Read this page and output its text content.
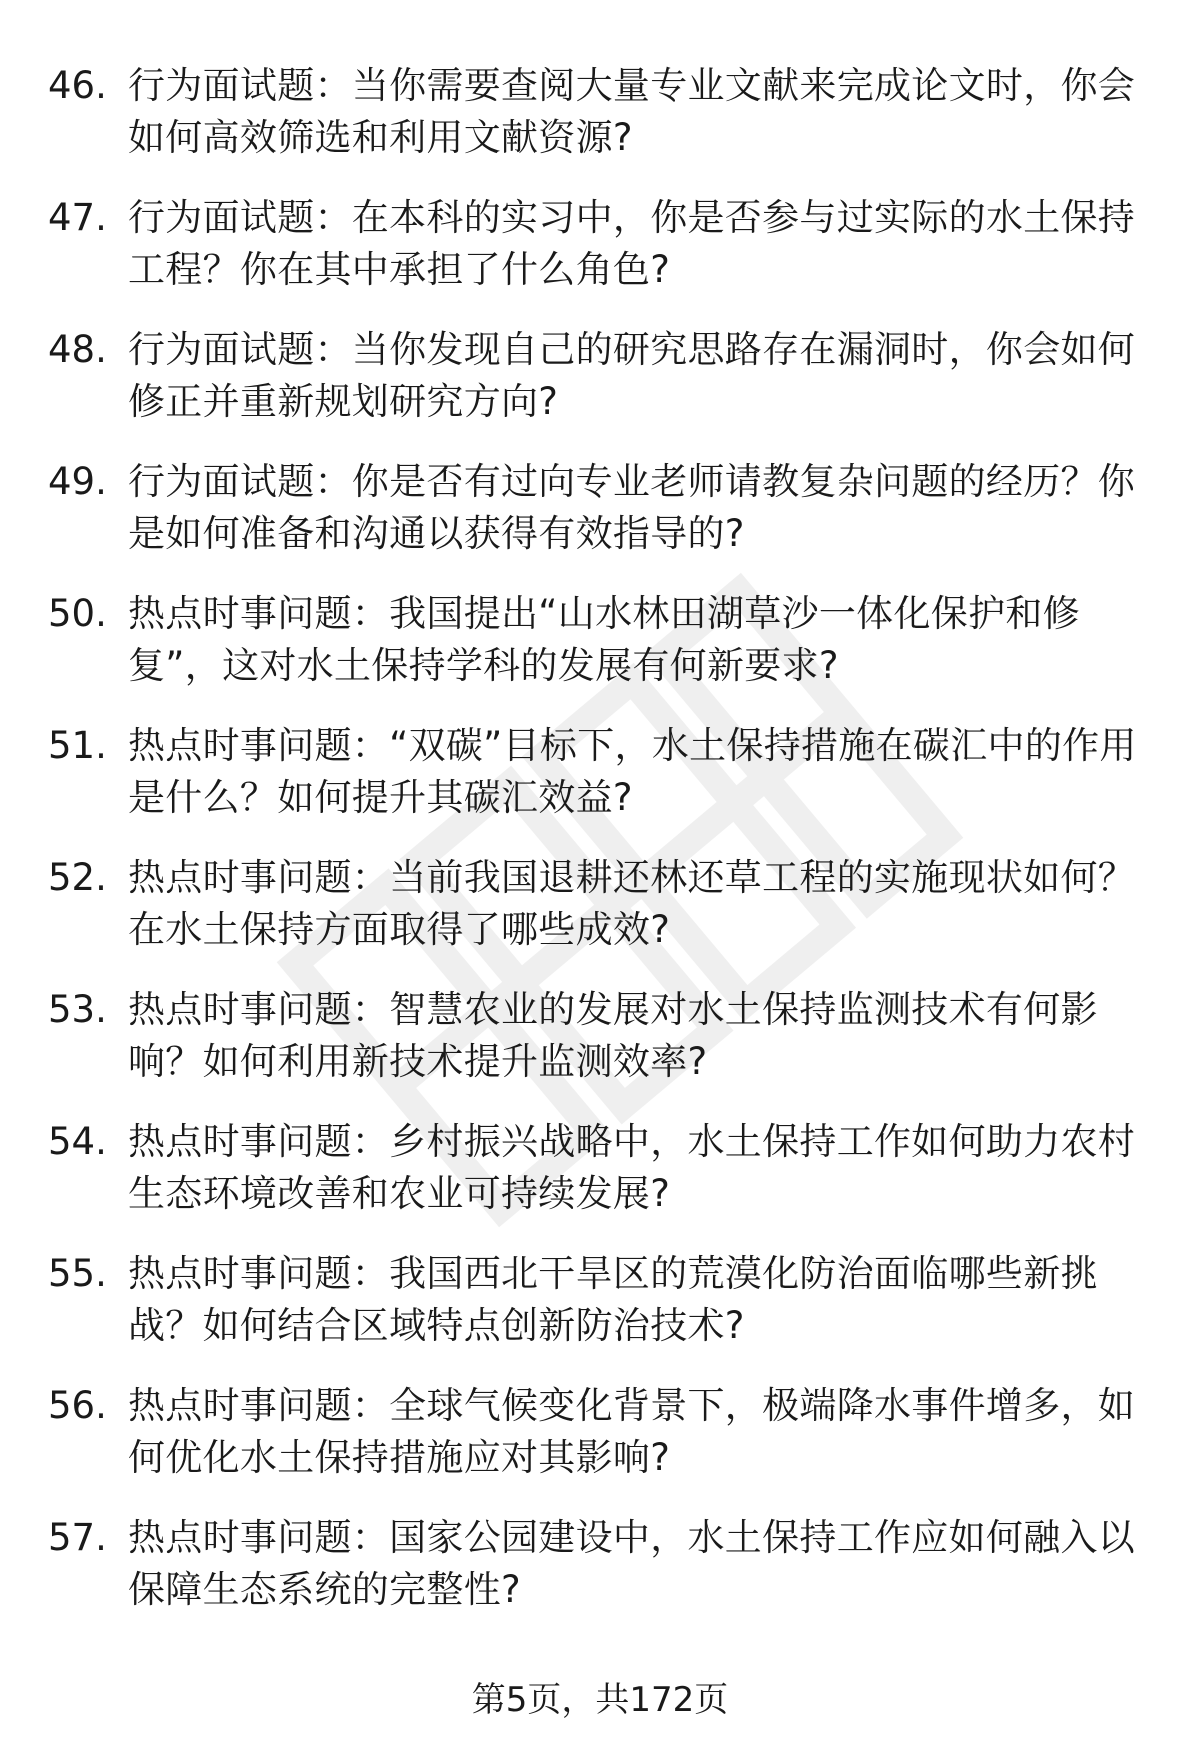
46. 行为面试题：当你需要查阅大量专业文献来完成论文时，你会如何高效筛选和利用文献资源?
47. 行为面试题：在本科的实习中，你是否参与过实际的水土保持工程？你在其中承担了什么角色?
48. 行为面试题：当你发现自己的研究思路存在漏洞时，你会如何修正并重新规划研究方向?
49. 行为面试题：你是否有过向专业老师请教复杂问题的经历？你是如何准备和沟通以获得有效指导的?
50. 热点时事问题：我国提出“山水林田湖草沙一体化保护和修复”，这对水土保持学科的发展有何新要求?
51. 热点时事问题：“双碳”目标下，水土保持措施在碳汇中的作用是什么？如何提升其碳汇效益?
52. 热点时事问题：当前我国退耕还林还草工程的实施现状如何？在水土保持方面取得了哪些成效?
53. 热点时事问题：智慧农业的发展对水土保持监测技术有何影响？如何利用新技术提升监测效率?
54. 热点时事问题：乡村振兴战略中，水土保持工作如何助力农村生态环境改善和农业可持续发展?
55. 热点时事问题：我国西北干旱区的荒漠化防治面临哪些新挑战？如何结合区域特点创新防治技术?
56. 热点时事问题：全球气候变化背景下，极端降水事件增多，如何优化水土保持措施应对其影响?
57. 热点时事问题：国家公园建设中，水土保持工作应如何融入以保障生态系统的完整性?
第5页，共172页
